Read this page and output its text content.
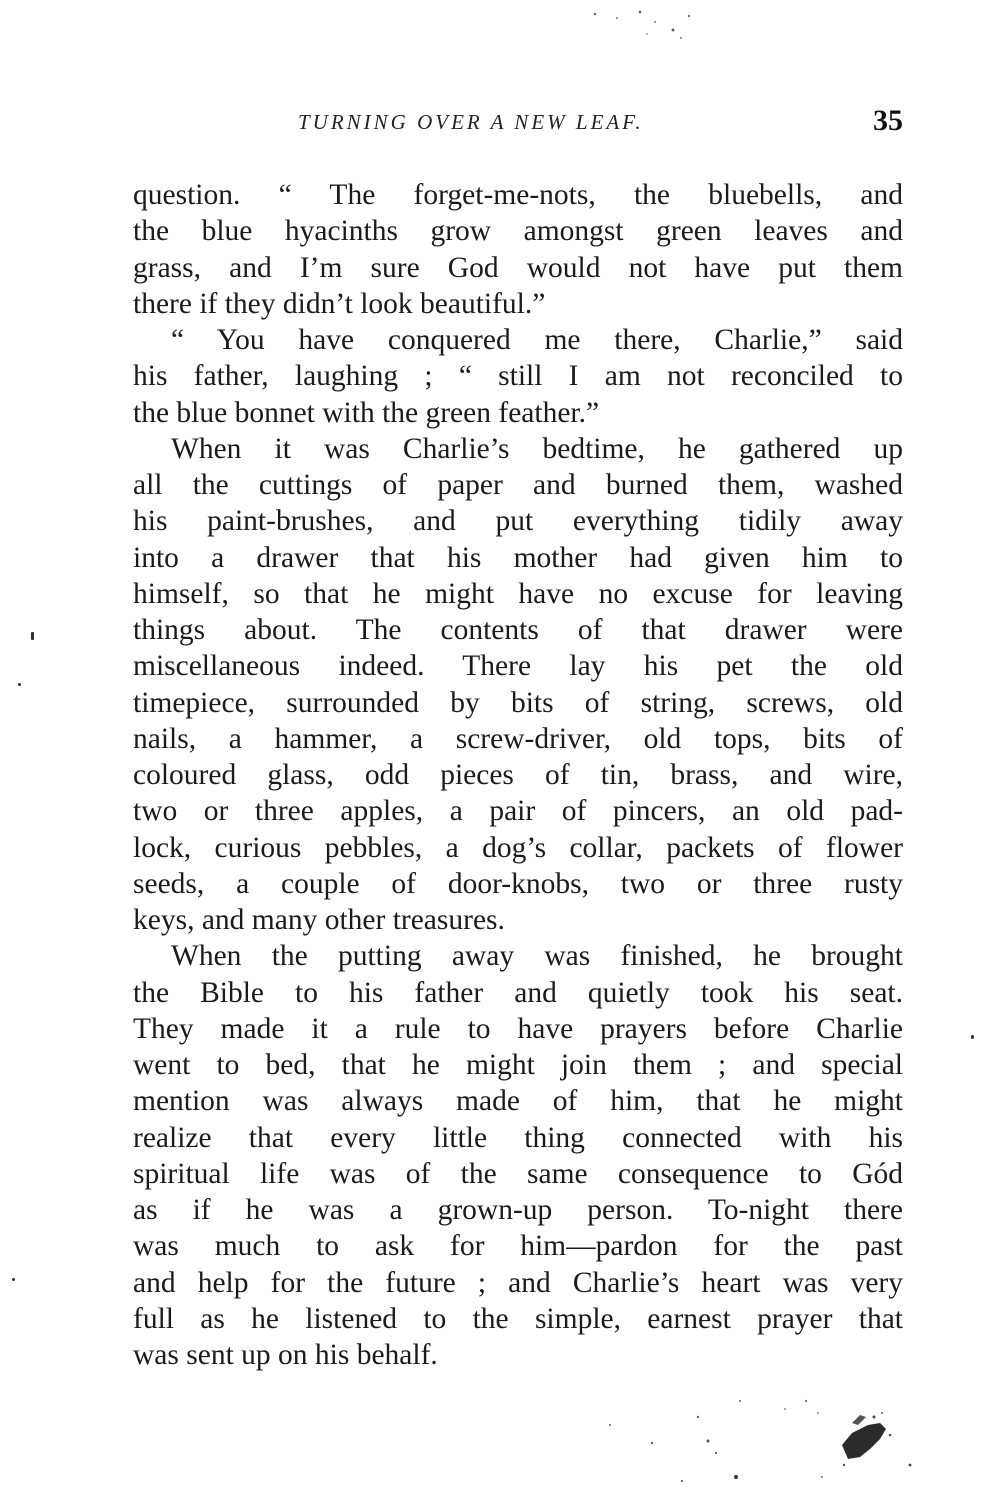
TURNING OVER A NEW LEAF.	35
question. “ The forget-me-nots, the bluebells, and
the blue hyacinths grow amongst green leaves and
grass, and I’m sure God would not have put them
there if they didn’t look beautiful.”
“ You have conquered me there, Charlie,” said
his father, laughing ; “ still I am not reconciled to
the blue bonnet with the green feather.”
When it was Charlie’s bedtime, he gathered up
all the cuttings of paper and burned them, washed
his paint-brushes, and put everything tidily away
into a drawer that his mother had given him to
himself, so that he might have no excuse for leaving
things about. The contents of that drawer were
miscellaneous indeed. There lay his pet the old
timepiece, surrounded by bits of string, screws, old
nails, a hammer, a screw-driver, old tops, bits of
coloured glass, odd pieces of tin, brass, and wire,
two or three apples, a pair of pincers, an old pad-
lock, curious pebbles, a dog’s collar, packets of flower
seeds, a couple of door-knobs, two or three rusty
keys, and many other treasures.
When the putting away was finished, he brought
the Bible to his father and quietly took his seat.
They made it a rule to have prayers before Charlie
went to bed, that he might join them ; and special
mention was always made of him, that he might
realize that every little thing connected with his
spiritual life was of the same consequence to Gód
as if he was a grown-up person. To-night there
was much to ask for him—pardon for the past
and help for the future ; and Charlie’s heart was very
full as he listened to the simple, earnest prayer that
was sent up on his behalf.
